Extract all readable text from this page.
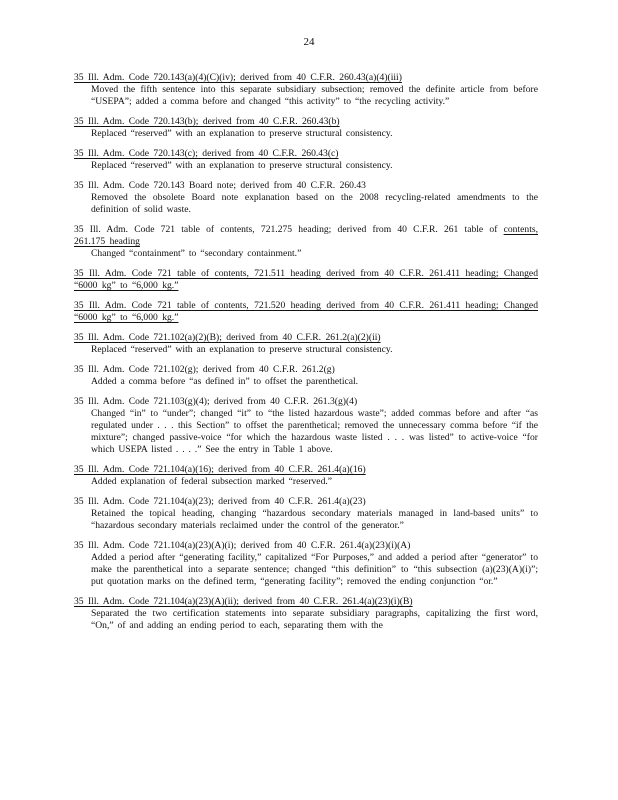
24
35 Ill. Adm. Code 720.143(a)(4)(C)(iv); derived from 40 C.F.R. 260.43(a)(4)(iii)
Moved the fifth sentence into this separate subsidiary subsection; removed the definite article from before “USEPA”; added a comma before and changed “this activity” to “the recycling activity.”
35 Ill. Adm. Code 720.143(b); derived from 40 C.F.R. 260.43(b)
Replaced “reserved” with an explanation to preserve structural consistency.
35 Ill. Adm. Code 720.143(c); derived from 40 C.F.R. 260.43(c)
Replaced “reserved” with an explanation to preserve structural consistency.
35 Ill. Adm. Code 720.143 Board note; derived from 40 C.F.R. 260.43
Removed the obsolete Board note explanation based on the 2008 recycling-related amendments to the definition of solid waste.
35 Ill. Adm. Code 721 table of contents, 721.275 heading; derived from 40 C.F.R. 261 table of contents, 261.175 heading
Changed “containment” to “secondary containment.”
35 Ill. Adm. Code 721 table of contents, 721.511 heading derived from 40 C.F.R. 261.411 heading; Changed “6000 kg” to “6,000 kg.”
35 Ill. Adm. Code 721 table of contents, 721.520 heading derived from 40 C.F.R. 261.411 heading; Changed “6000 kg” to “6,000 kg.”
35 Ill. Adm. Code 721.102(a)(2)(B); derived from 40 C.F.R. 261.2(a)(2)(ii)
Replaced “reserved” with an explanation to preserve structural consistency.
35 Ill. Adm. Code 721.102(g); derived from 40 C.F.R. 261.2(g)
Added a comma before “as defined in” to offset the parenthetical.
35 Ill. Adm. Code 721.103(g)(4); derived from 40 C.F.R. 261.3(g)(4)
Changed “in” to “under”; changed “it” to “the listed hazardous waste”; added commas before and after “as regulated under . . . this Section” to offset the parenthetical; removed the unnecessary comma before “if the mixture”; changed passive-voice “for which the hazardous waste listed . . . was listed” to active-voice “for which USEPA listed . . . .” See the entry in Table 1 above.
35 Ill. Adm. Code 721.104(a)(16); derived from 40 C.F.R. 261.4(a)(16)
Added explanation of federal subsection marked “reserved.”
35 Ill. Adm. Code 721.104(a)(23); derived from 40 C.F.R. 261.4(a)(23)
Retained the topical heading, changing “hazardous secondary materials managed in land-based units” to “hazardous secondary materials reclaimed under the control of the generator.”
35 Ill. Adm. Code 721.104(a)(23)(A)(i); derived from 40 C.F.R. 261.4(a)(23)(i)(A)
Added a period after “generating facility,” capitalized “For Purposes,” and added a period after “generator” to make the parenthetical into a separate sentence; changed “this definition” to “this subsection (a)(23)(A)(i)”; put quotation marks on the defined term, “generating facility”; removed the ending conjunction “or.”
35 Ill. Adm. Code 721.104(a)(23)(A)(ii); derived from 40 C.F.R. 261.4(a)(23)(i)(B)
Separated the two certification statements into separate subsidiary paragraphs, capitalizing the first word, “On,” of and adding an ending period to each, separating them with the
